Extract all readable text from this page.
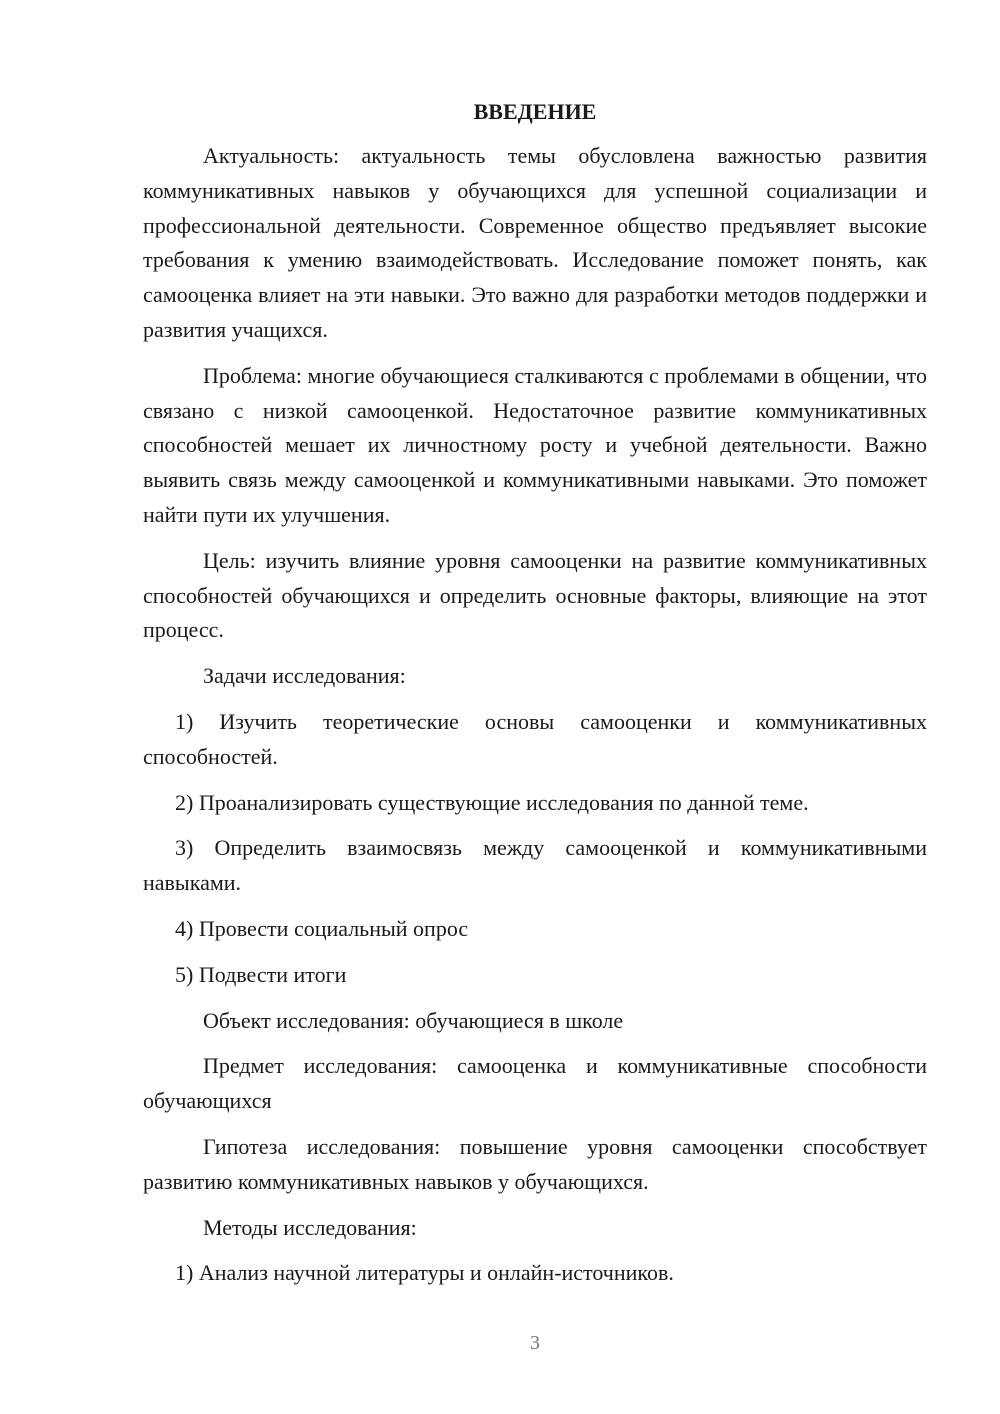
ВВЕДЕНИЕ

Актуальность: актуальность темы обусловлена важностью развития коммуникативных навыков у обучающихся для успешной социализации и профессиональной деятельности. Современное общество предъявляет высокие требования к умению взаимодействовать. Исследование поможет понять, как самооценка влияет на эти навыки. Это важно для разработки методов поддержки и развития учащихся.

Проблема: многие обучающиеся сталкиваются с проблемами в общении, что связано с низкой самооценкой. Недостаточное развитие коммуникативных способностей мешает их личностному росту и учебной деятельности. Важно выявить связь между самооценкой и коммуникативными навыками. Это поможет найти пути их улучшения.

Цель: изучить влияние уровня самооценки на развитие коммуникативных способностей обучающихся и определить основные факторы, влияющие на этот процесс.

Задачи исследования:

1) Изучить теоретические основы самооценки и коммуникативных способностей.

2) Проанализировать существующие исследования по данной теме.

3) Определить взаимосвязь между самооценкой и коммуникативными навыками.

4) Провести социальный опрос

5) Подвести итоги

Объект исследования: обучающиеся в школе

Предмет исследования: самооценка и коммуникативные способности обучающихся

Гипотеза исследования: повышение уровня самооценки способствует развитию коммуникативных навыков у обучающихся.

Методы исследования:

1) Анализ научной литературы и онлайн-источников.

3
